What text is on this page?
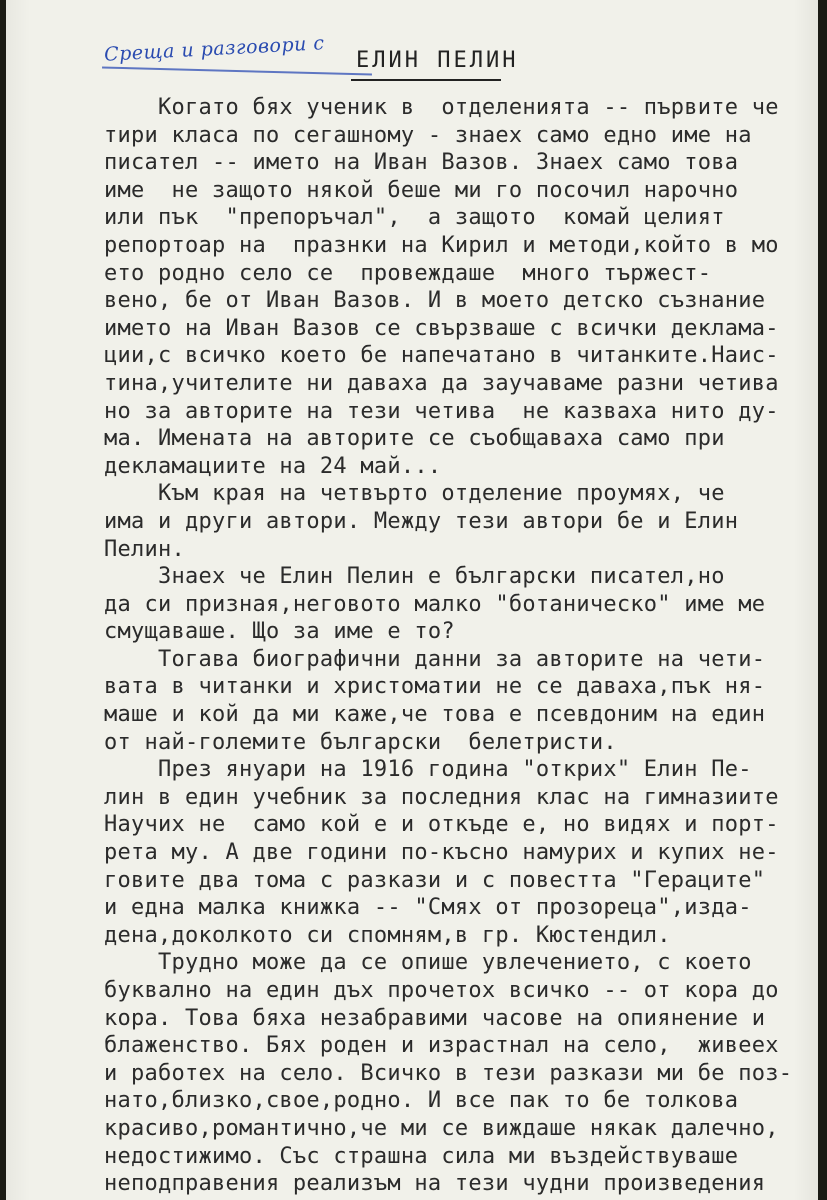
Среща и разговори с ЕЛИН ПЕЛИН
Когато бях ученик в  отделенията -- първите че
тири класа по сегашному - знаех само едно име на
писател -- името на Иван Вазов. Знаех само това
име  не защото някой беше ми го посочил нарочно
или пък  "препоръчал",  а защото  комай целият
репортоар на  празнки на Кирил и методи,който в мо
ето родно село се  провеждаше  много тържест-
вено, бе от Иван Вазов. И в моето детско съзнание
името на Иван Вазов се свързваше с всички деклама-
ции,с всичко което бе напечатано в читанките.Наис-
тина,учителите ни даваха да заучаваме разни четива
но за авторите на тези четива  не казваха нито ду-
ма. Имената на авторите се съобщаваха само при
декламациите на 24 май...
Към края на четвърто отделение проумях, че
има и други автори. Между тези автори бе и Елин
Пелин.
Знаех че Елин Пелин е български писател,но
да си призная,неговото малко "ботаническо" име ме
смущаваше. Що за име е то?
Тогава биографични данни за авторите на чети-
вата в читанки и христоматии не се даваха,пък ня-
маше и кой да ми каже,че това е псевдоним на един
от най-големите български  белетристи.
През януари на 1916 година "открих" Елин Пе-
лин в един учебник за последния клас на гимназиите
Научих не  само кой е и откъде е, но видях и порт-
рета му. А две години по-късно намурих и купих не-
говите два тома с разкази и с повестта "Гераците"
и една малка книжка -- "Смях от прозореца",издa-
дена,доколкото си спомням,в гр. Кюстендил.
Трудно може да се опише увлечението, с което
буквално на един дъх прочетох всичко -- от кора до
кора. Това бяха незабравими часове на опиянение и
блаженство. Бях роден и израстнал на село,  живеех
и работех на село. Всичко в тези разкази ми бе поз-
нато,близко,свое,родно. И все пак то бе толкова
красиво,романтично,че ми се виждаше някак далечно,
недостижимо. Със страшна сила ми въздействуваше
неподправения реализъм на тези чудни произведения
